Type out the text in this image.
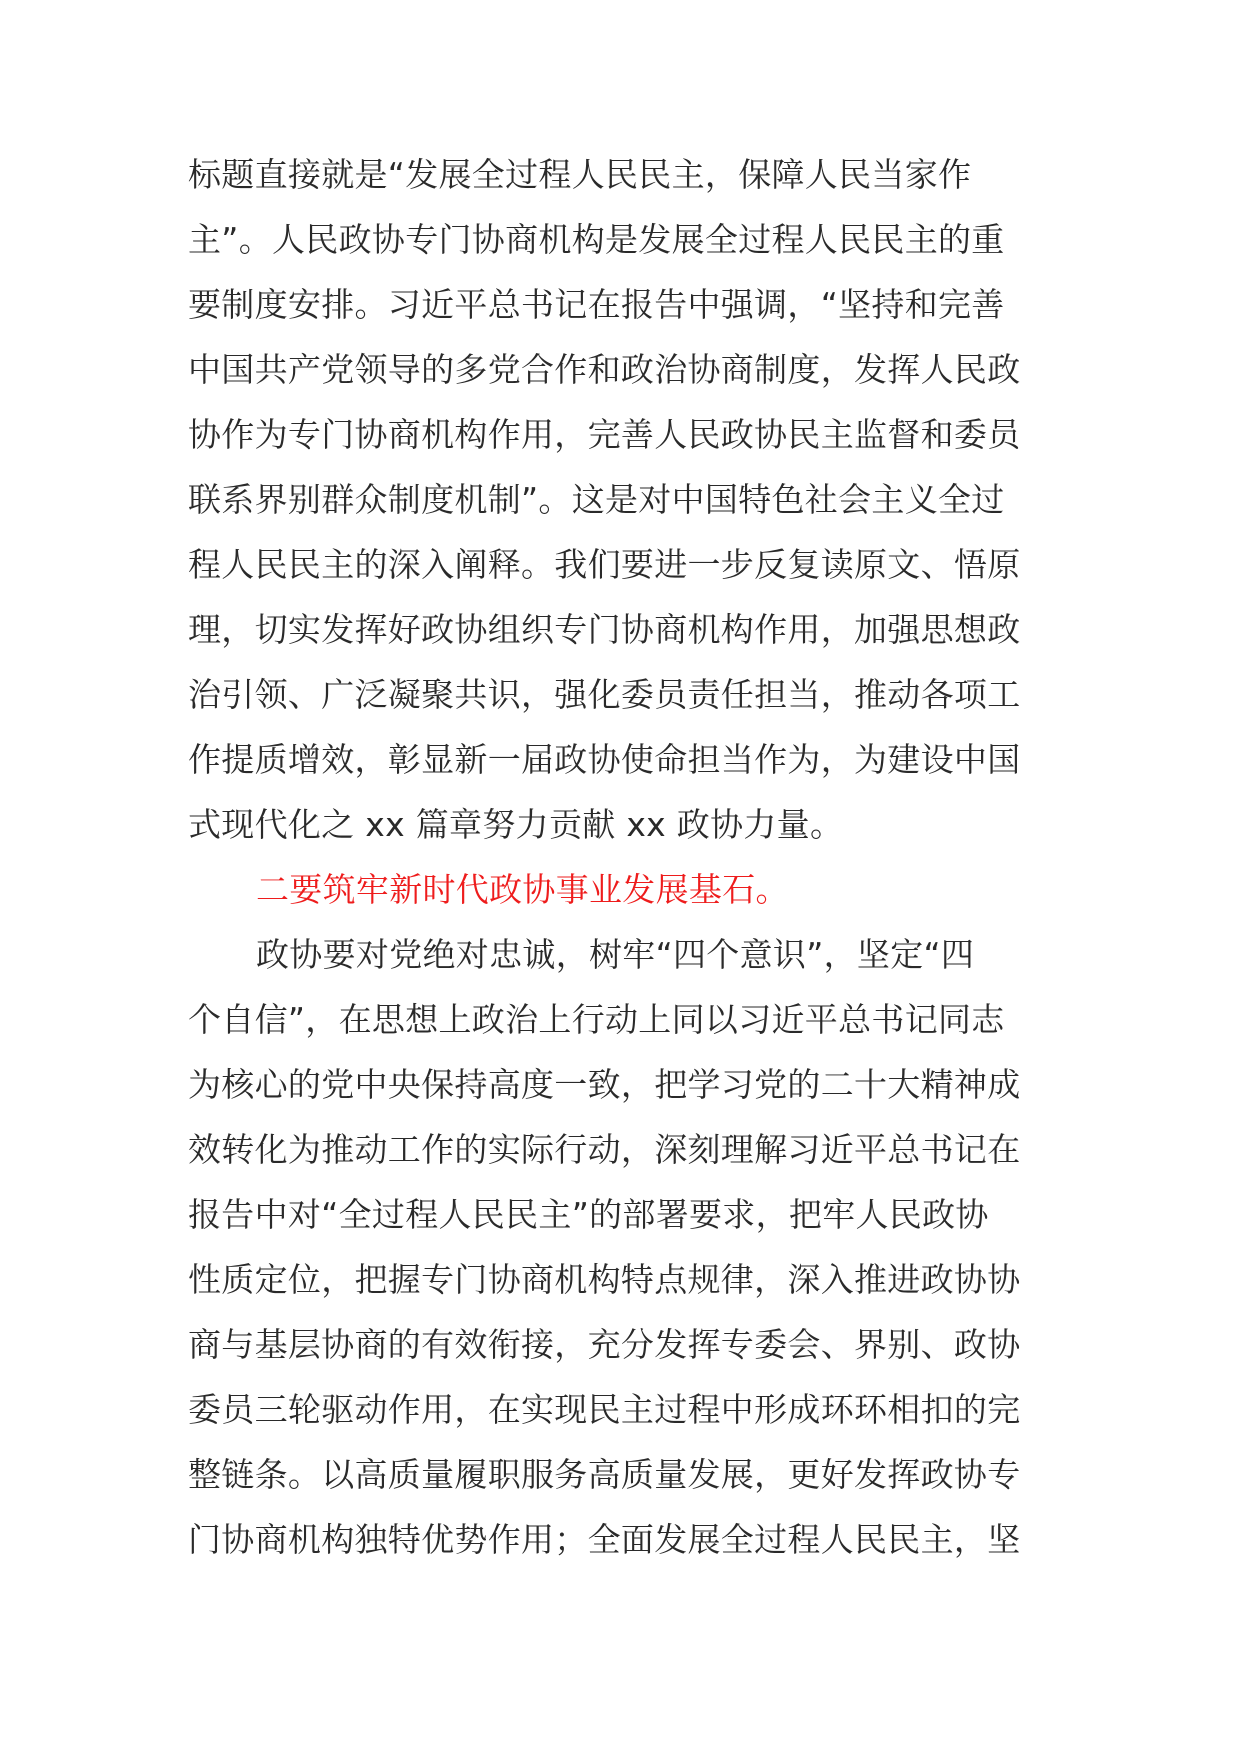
标题直接就是“发展全过程人民民主，保障人民当家作
主”。人民政协专门协商机构是发展全过程人民民主的重
要制度安排。习近平总书记在报告中强调，“坚持和完善
中国共产党领导的多党合作和政治协商制度，发挥人民政
协作为专门协商机构作用，完善人民政协民主监督和委员
联系界别群众制度机制”。这是对中国特色社会主义全过
程人民民主的深入阐释。我们要进一步反复读原文、悟原
理，切实发挥好政协组织专门协商机构作用，加强思想政
治引领、广泛凝聚共识，强化委员责任担当，推动各项工
作提质增效，彰显新一届政协使命担当作为，为建设中国
式现代化之 xx 篇章努力贡献 xx 政协力量。
二要筑牢新时代政协事业发展基石。
政协要对党绝对忠诚，树牢“四个意识”，坚定“四
个自信”，在思想上政治上行动上同以习近平总书记同志
为核心的党中央保持高度一致，把学习党的二十大精神成
效转化为推动工作的实际行动，深刻理解习近平总书记在
报告中对“全过程人民民主”的部署要求，把牢人民政协
性质定位，把握专门协商机构特点规律，深入推进政协协
商与基层协商的有效衔接，充分发挥专委会、界别、政协
委员三轮驱动作用，在实现民主过程中形成环环相扣的完
整链条。以高质量履职服务高质量发展，更好发挥政协专
门协商机构独特优势作用；全面发展全过程人民民主，坚
